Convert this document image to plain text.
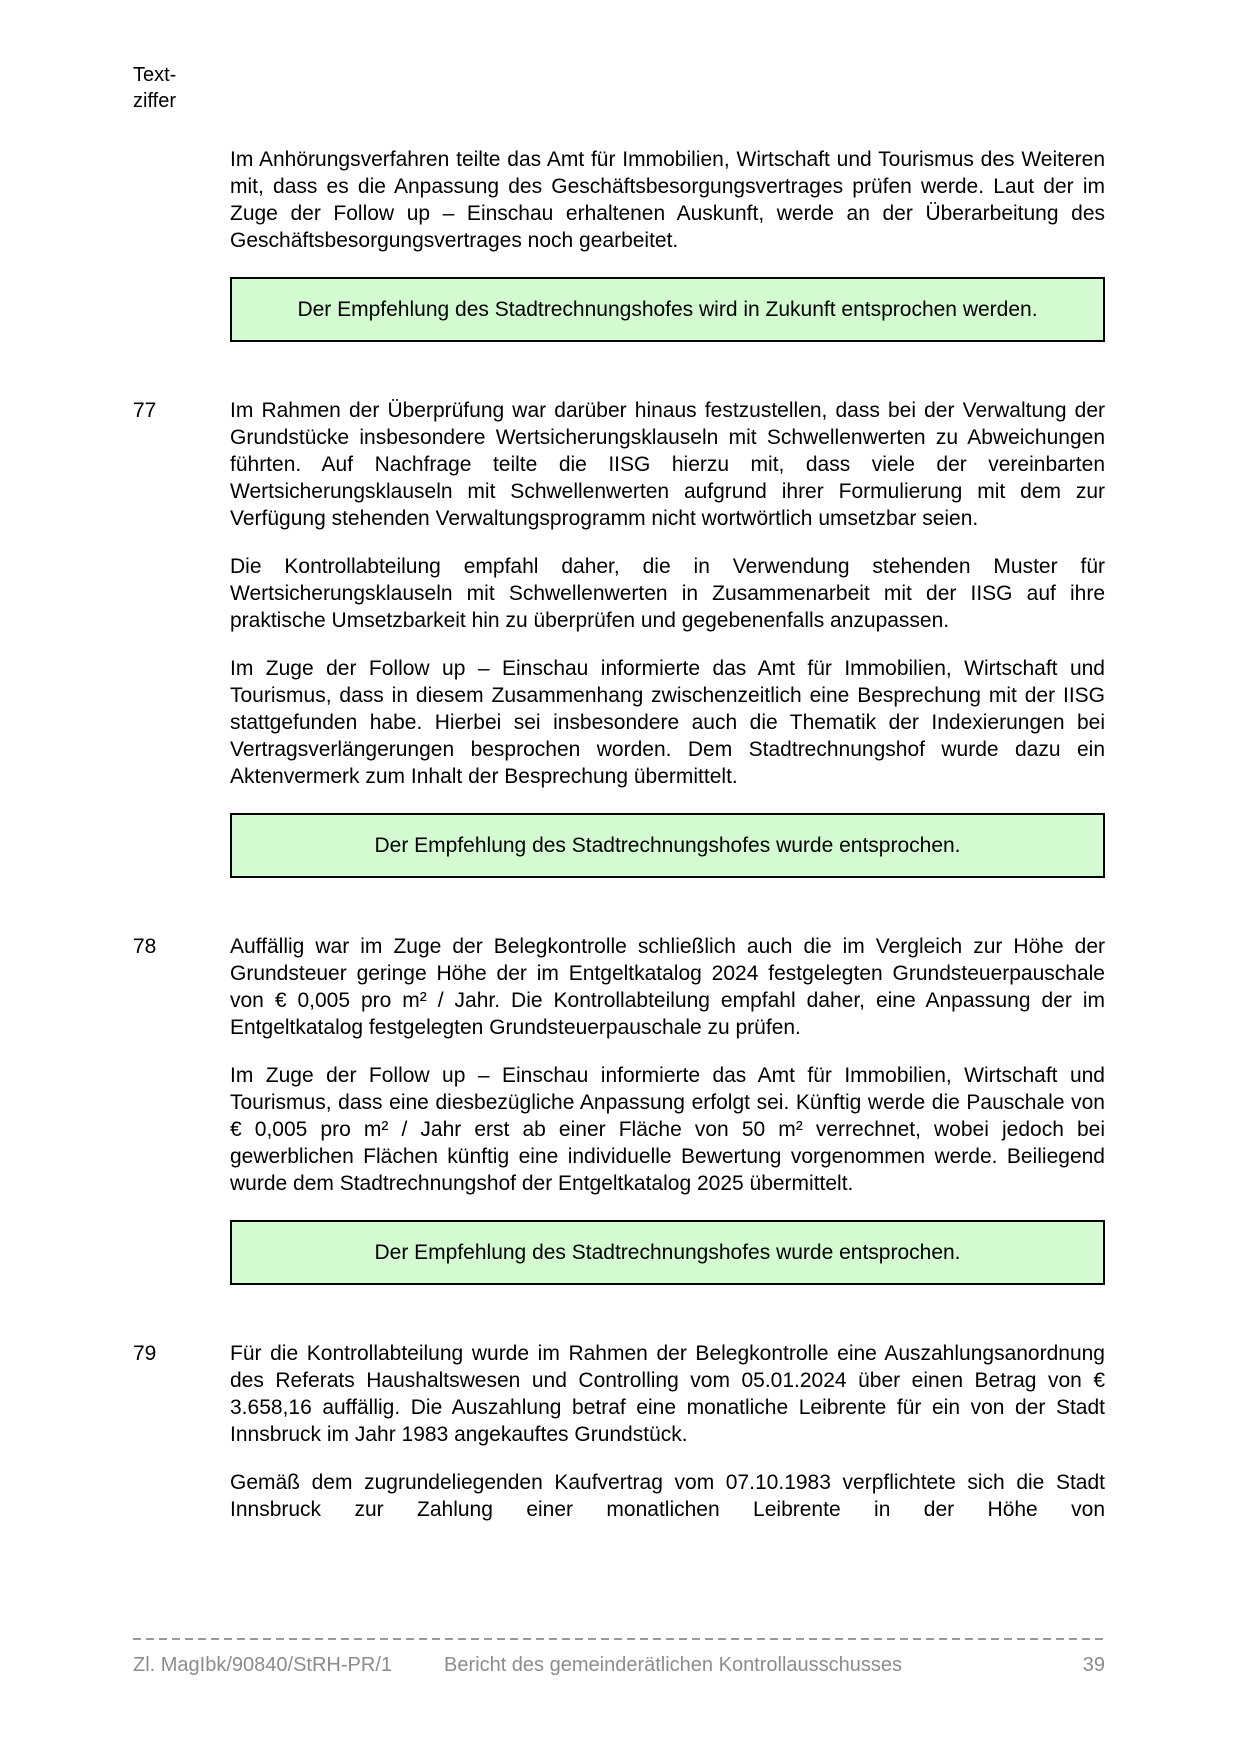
Text-
ziffer

Im Anhörungsverfahren teilte das Amt für Immobilien, Wirtschaft und Tourismus des Weiteren mit, dass es die Anpassung des Geschäftsbesorgungsvertrages prüfen werde. Laut der im Zuge der Follow up – Einschau erhaltenen Auskunft, werde an der Überarbeitung des Geschäftsbesorgungsvertrages noch gearbeitet.

Der Empfehlung des Stadtrechnungshofes wird in Zukunft entsprochen werden.
77	Im Rahmen der Überprüfung war darüber hinaus festzustellen, dass bei der Verwaltung der Grundstücke insbesondere Wertsicherungsklauseln mit Schwellenwerten zu Abweichungen führten. Auf Nachfrage teilte die IISG hierzu mit, dass viele der vereinbarten Wertsicherungsklauseln mit Schwellenwerten aufgrund ihrer Formulierung mit dem zur Verfügung stehenden Verwaltungsprogramm nicht wortwörtlich umsetzbar seien.

Die Kontrollabteilung empfahl daher, die in Verwendung stehenden Muster für Wertsicherungsklauseln mit Schwellenwerten in Zusammenarbeit mit der IISG auf ihre praktische Umsetzbarkeit hin zu überprüfen und gegebenenfalls anzupassen.

Im Zuge der Follow up – Einschau informierte das Amt für Immobilien, Wirtschaft und Tourismus, dass in diesem Zusammenhang zwischenzeitlich eine Besprechung mit der IISG stattgefunden habe. Hierbei sei insbesondere auch die Thematik der Indexierungen bei Vertragsverlängerungen besprochen worden. Dem Stadtrechnungshof wurde dazu ein Aktenvermerk zum Inhalt der Besprechung übermittelt.

Der Empfehlung des Stadtrechnungshofes wurde entsprochen.
78	Auffällig war im Zuge der Belegkontrolle schließlich auch die im Vergleich zur Höhe der Grundsteuer geringe Höhe der im Entgeltkatalog 2024 festgelegten Grundsteuerpauschale von € 0,005 pro m² / Jahr. Die Kontrollabteilung empfahl daher, eine Anpassung der im Entgeltkatalog festgelegten Grundsteuerpauschale zu prüfen.

Im Zuge der Follow up – Einschau informierte das Amt für Immobilien, Wirtschaft und Tourismus, dass eine diesbezügliche Anpassung erfolgt sei. Künftig werde die Pauschale von € 0,005 pro m² / Jahr erst ab einer Fläche von 50 m² verrechnet, wobei jedoch bei gewerblichen Flächen künftig eine individuelle Bewertung vorgenommen werde. Beiliegend wurde dem Stadtrechnungshof der Entgeltkatalog 2025 übermittelt.

Der Empfehlung des Stadtrechnungshofes wurde entsprochen.
79	Für die Kontrollabteilung wurde im Rahmen der Belegkontrolle eine Auszahlungsanordnung des Referats Haushaltswesen und Controlling vom 05.01.2024 über einen Betrag von € 3.658,16 auffällig. Die Auszahlung betraf eine monatliche Leibrente für ein von der Stadt Innsbruck im Jahr 1983 angekauftes Grundstück.

Gemäß dem zugrundeliegenden Kaufvertrag vom 07.10.1983 verpflichtete sich die Stadt Innsbruck zur Zahlung einer monatlichen Leibrente in der Höhe von

Zl. MagIbk/90840/StRH-PR/1	Bericht des gemeinderätlichen Kontrollausschusses	39
